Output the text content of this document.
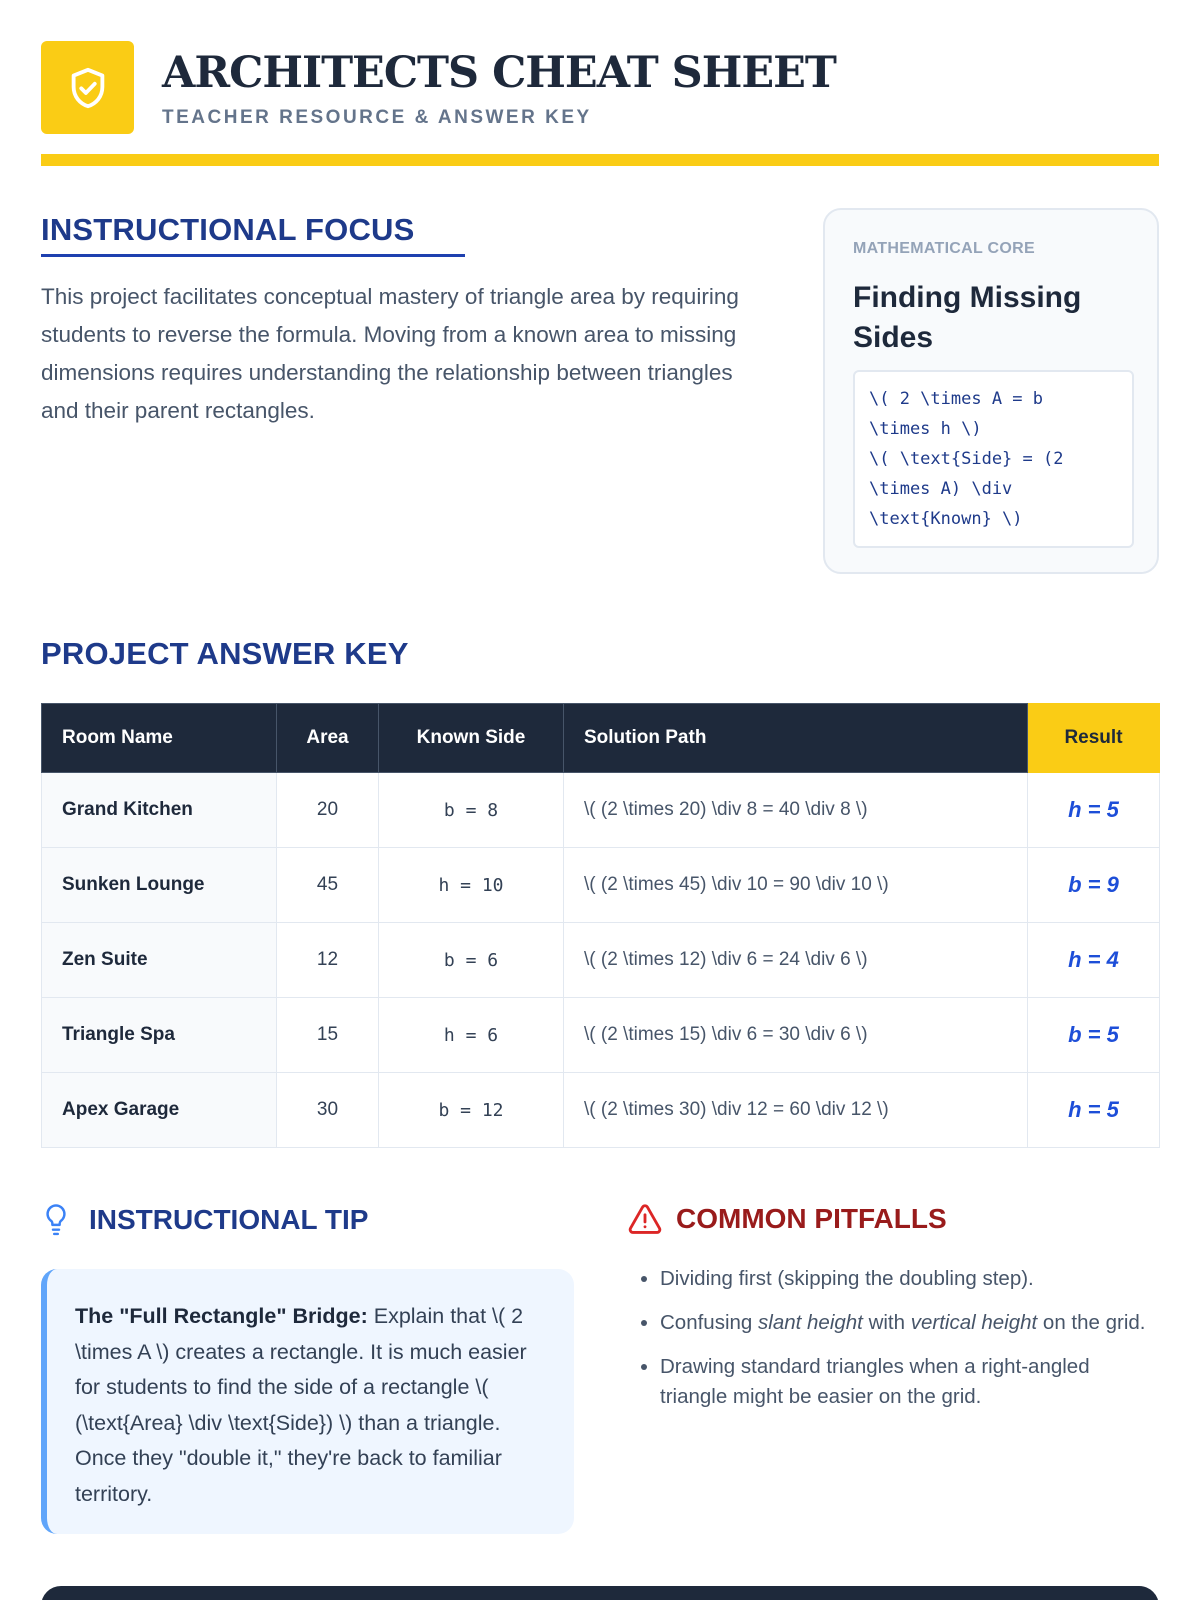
ARCHITECTS CHEAT SHEET
TEACHER RESOURCE & ANSWER KEY
INSTRUCTIONAL FOCUS

This project facilitates conceptual mastery of triangle area by requiring students to reverse the formula. Moving from a known area to missing dimensions requires understanding the relationship between triangles and their parent rectangles.

MATHEMATICAL CORE
Finding Missing Sides
\( 2 \times A = b
\times h \)
\( \text{Side} = (2
\times A) \div
\text{Known} \)
PROJECT ANSWER KEY
Room Name	Area	Known Side	Solution Path	Result
Grand Kitchen	20	b = 8	\( (2 \times 20) \div 8 = 40 \div 8 \)	h = 5
Sunken Lounge	45	h = 10	\( (2 \times 45) \div 10 = 90 \div 10 \)	b = 9
Zen Suite	12	b = 6	\( (2 \times 12) \div 6 = 24 \div 6 \)	h = 4
Triangle Spa	15	h = 6	\( (2 \times 15) \div 6 = 30 \div 6 \)	b = 5
Apex Garage	30	b = 12	\( (2 \times 30) \div 12 = 60 \div 12 \)	h = 5
INSTRUCTIONAL TIP
The "Full Rectangle" Bridge: Explain that \( 2 \times A \) creates a rectangle. It is much easier for students to find the side of a rectangle \( (\text{Area} \div \text{Side}) \) than a triangle. Once they "double it," they're back to familiar territory.
COMMON PITFALLS
• Dividing first (skipping the doubling step).
• Confusing slant height with vertical height on the grid.
• Drawing standard triangles when a right-angled triangle might be easier on the grid.
